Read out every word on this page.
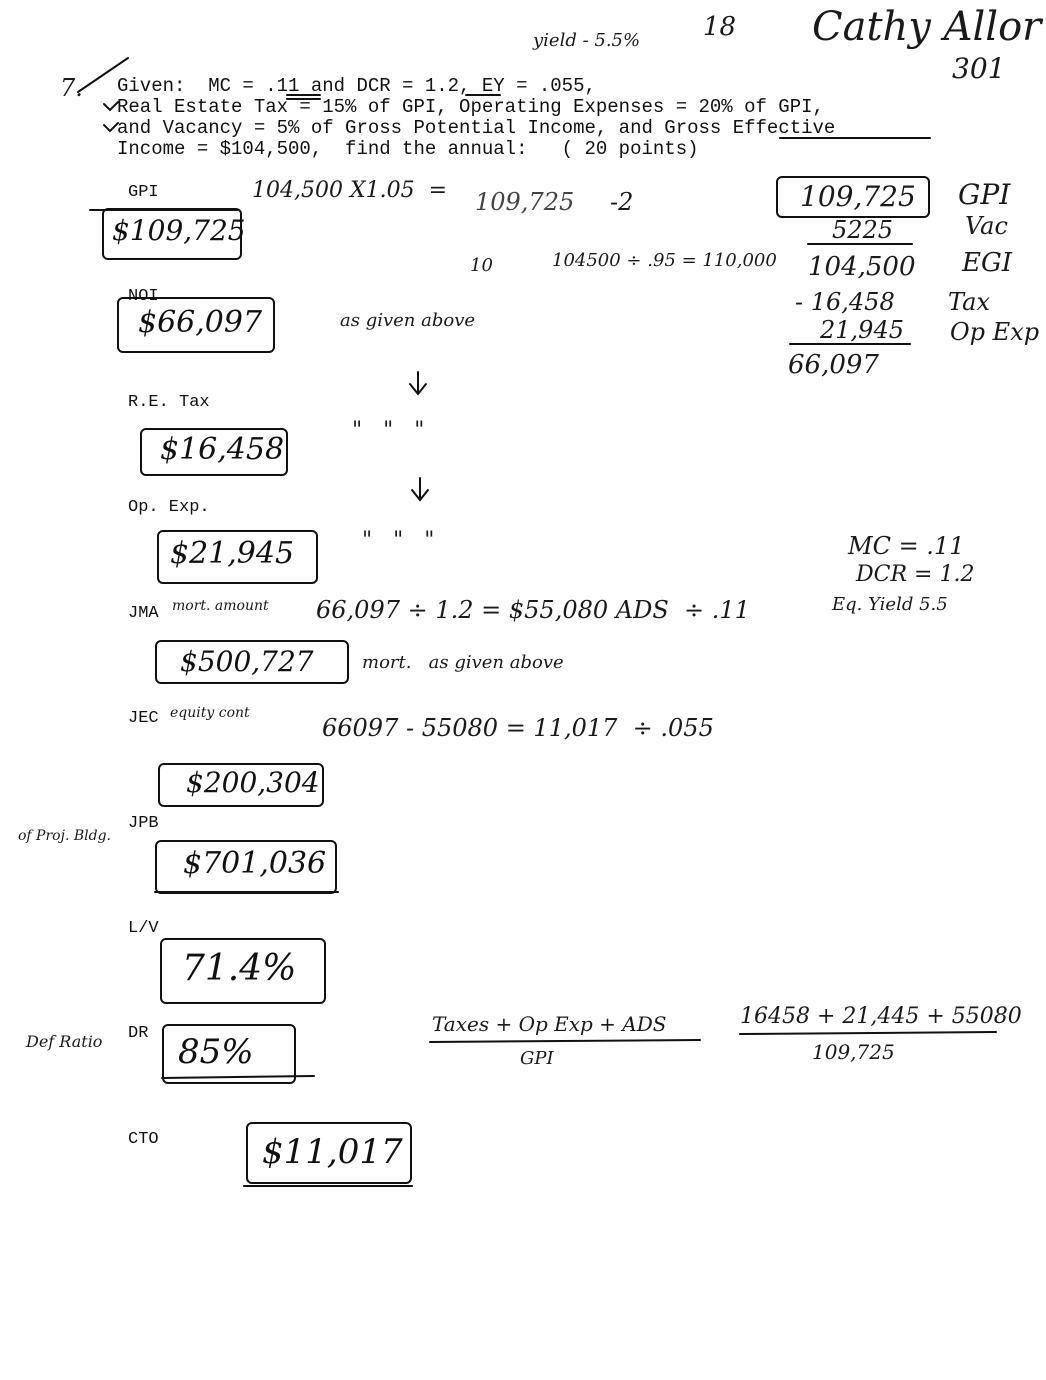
yield - 5.5% 18 Cathy Allor
301
7. Given:  MC = .11 and DCR = 1.2, EY = .055,
Real Estate Tax = 15% of GPI, Operating Expenses = 20% of GPI,
and Vacancy = 5% of Gross Potential Income, and Gross Effective
Income = $104,500,  find the annual:   ( 20 points)
GPI
NOI
R.E. Tax
Op. Exp.
JMA
JEC
JPB
L/V
DR
CTO
$109,725
$66,097
$16,458
$21,945
$500,727
$200,304
$701,036
71.4%
85%
$11,017
104,500 X1.05  = 109,725 -2
10	104500 ÷ .95 = 110,000
as given above
"   "   "
"   "   "
mort. amount 66,097 ÷ 1.2 = $55,080 ADS  ÷ .11
mort.   as given above
equity cont
66097 - 55080 = 11,017  ÷ .055
of Proj. Bldg.
Def Ratio
Taxes + Op Exp + ADS
GPI
16458 + 21,445 + 55080
109,725
109,725 GPI
5225	Vac
104,500 EGI
- 16,458 Tax
21,945 Op Exp
66,097
MC = .11
DCR = 1.2
Eq. Yield 5.5
